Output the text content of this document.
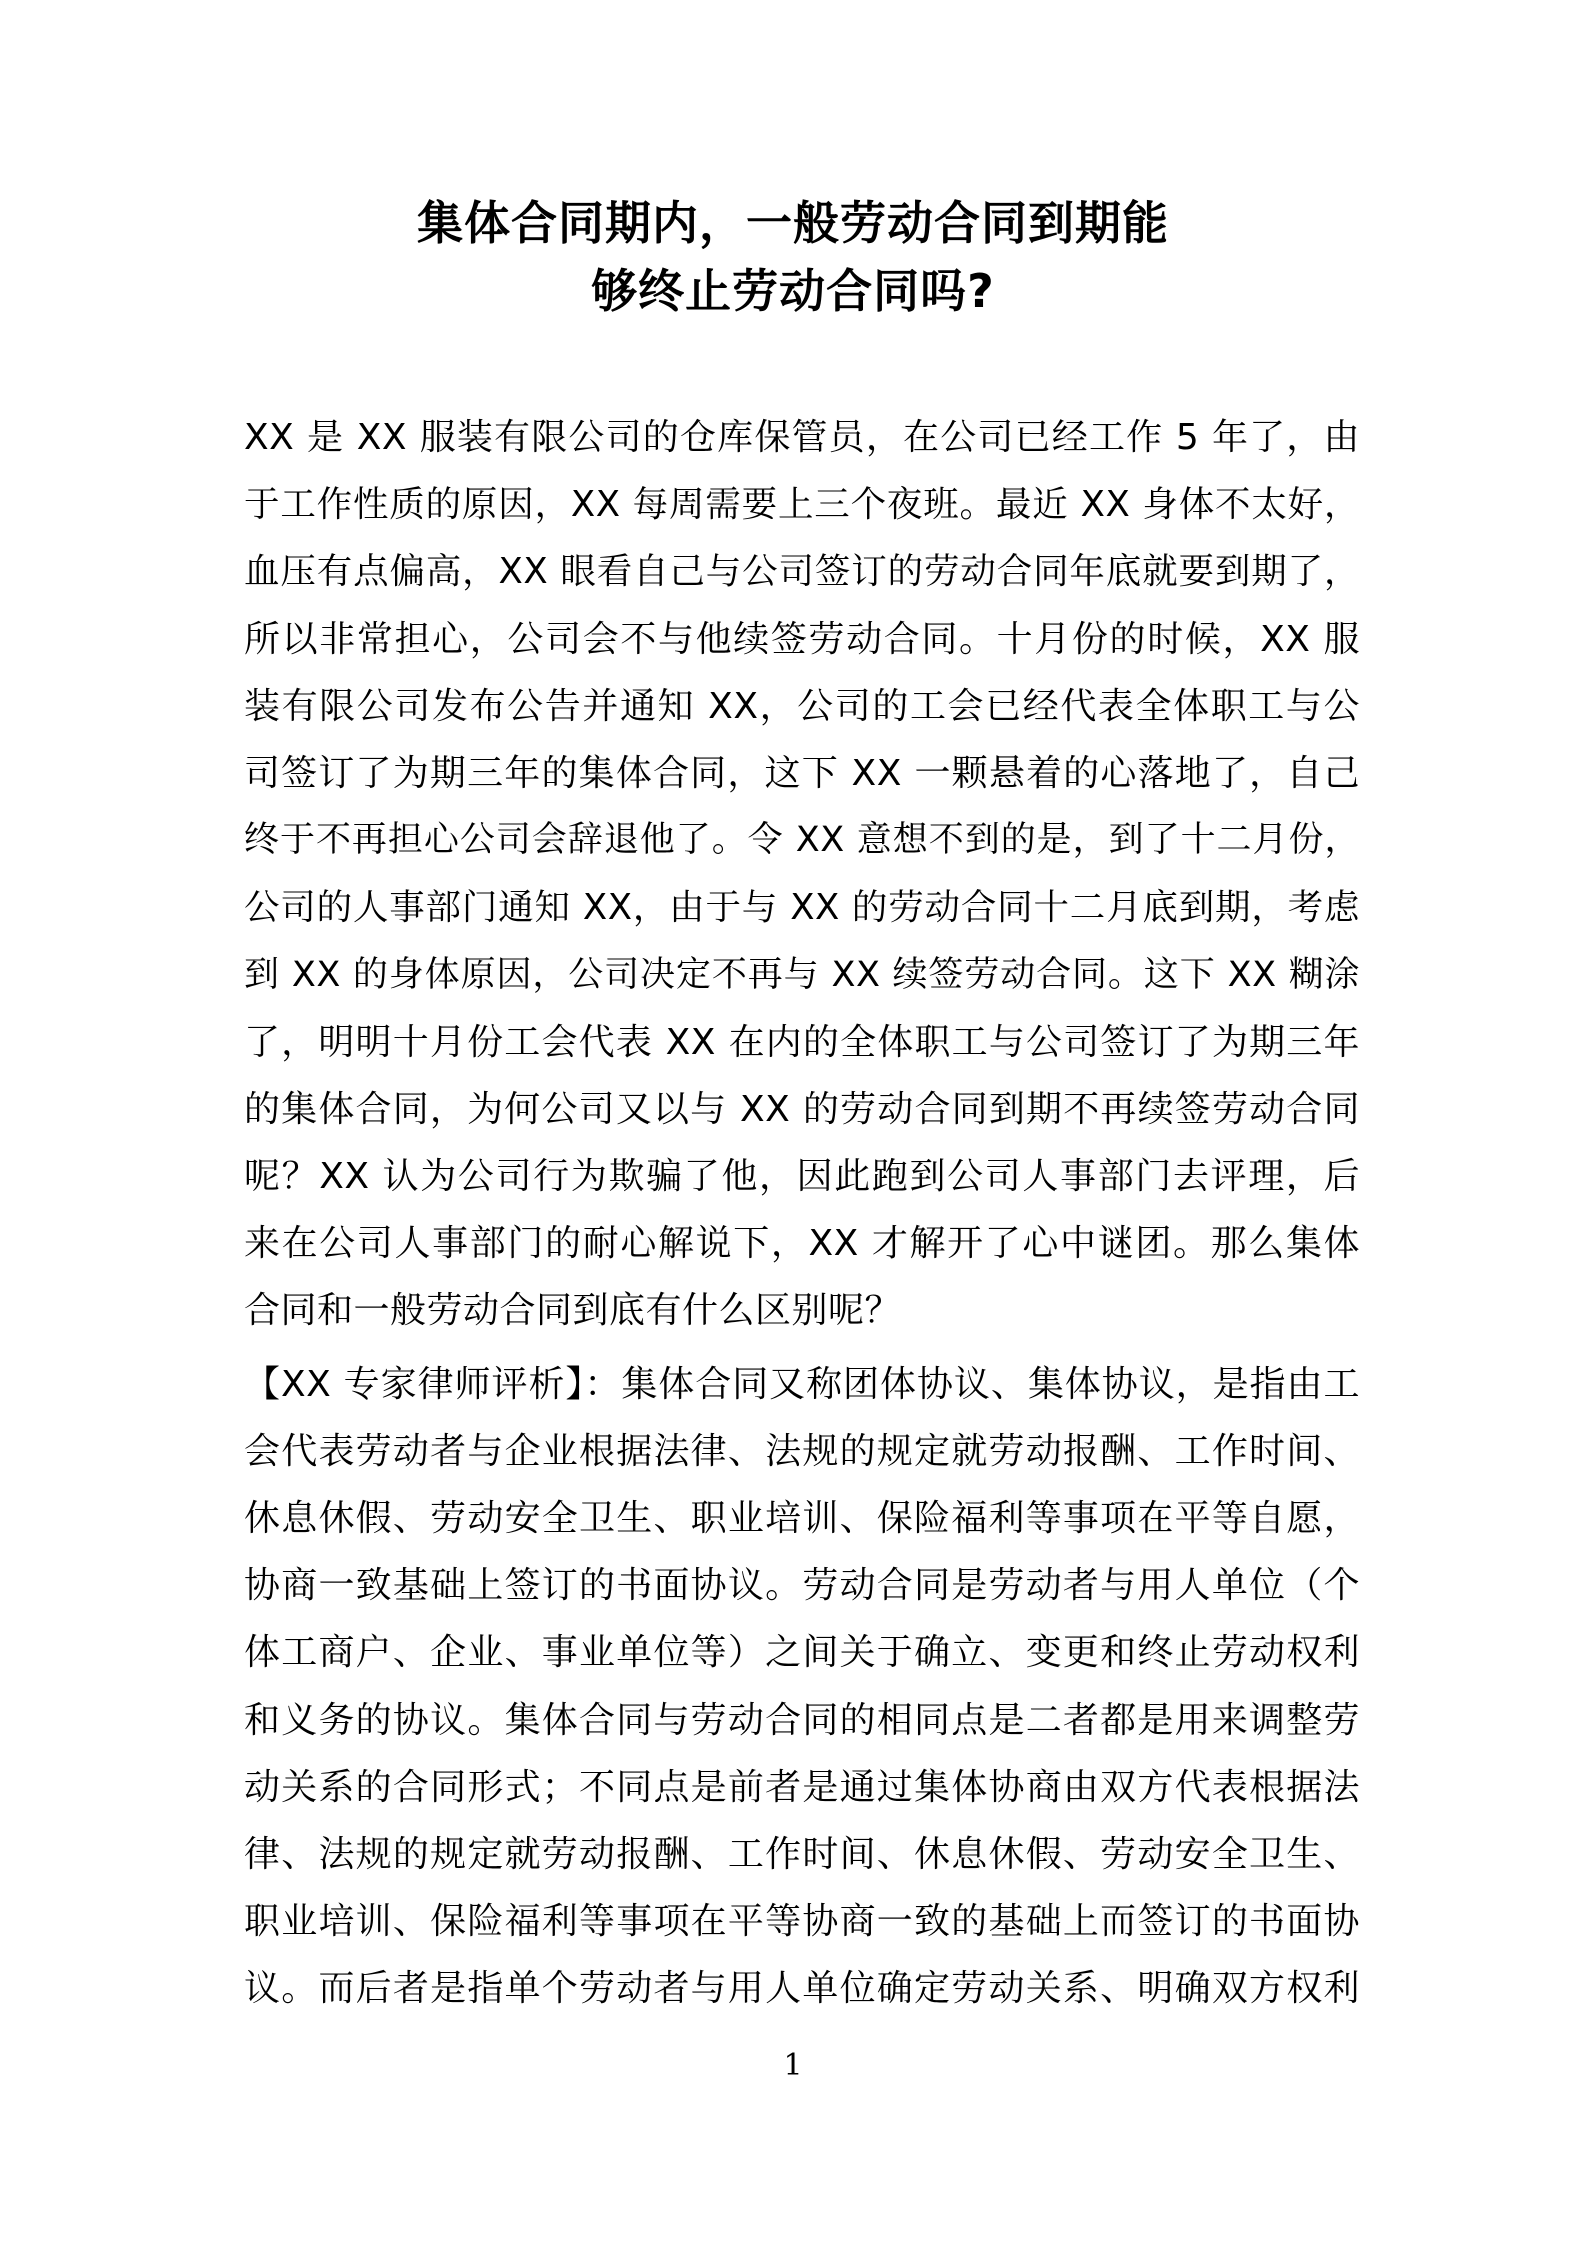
集体合同期内，一般劳动合同到期能
够终止劳动合同吗?
XX 是 XX 服装有限公司的仓库保管员，在公司已经工作 5 年了，由
于工作性质的原因，XX 每周需要上三个夜班。最近 XX 身体不太好，
血压有点偏高，XX 眼看自己与公司签订的劳动合同年底就要到期了，
所以非常担心，公司会不与他续签劳动合同。十月份的时候，XX 服
装有限公司发布公告并通知 XX，公司的工会已经代表全体职工与公
司签订了为期三年的集体合同，这下 XX 一颗悬着的心落地了，自己
终于不再担心公司会辞退他了。令 XX 意想不到的是，到了十二月份，
公司的人事部门通知 XX，由于与 XX 的劳动合同十二月底到期，考虑
到 XX 的身体原因，公司决定不再与 XX 续签劳动合同。这下 XX 糊涂
了，明明十月份工会代表 XX 在内的全体职工与公司签订了为期三年
的集体合同，为何公司又以与 XX 的劳动合同到期不再续签劳动合同
呢？XX 认为公司行为欺骗了他，因此跑到公司人事部门去评理，后
来在公司人事部门的耐心解说下，XX 才解开了心中谜团。那么集体
合同和一般劳动合同到底有什么区别呢？
【XX 专家律师评析】：集体合同又称团体协议、集体协议，是指由工
会代表劳动者与企业根据法律、法规的规定就劳动报酬、工作时间、
休息休假、劳动安全卫生、职业培训、保险福利等事项在平等自愿，
协商一致基础上签订的书面协议。劳动合同是劳动者与用人单位（个
体工商户、企业、事业单位等）之间关于确立、变更和终止劳动权利
和义务的协议。集体合同与劳动合同的相同点是二者都是用来调整劳
动关系的合同形式；不同点是前者是通过集体协商由双方代表根据法
律、法规的规定就劳动报酬、工作时间、休息休假、劳动安全卫生、
职业培训、保险福利等事项在平等协商一致的基础上而签订的书面协
议。而后者是指单个劳动者与用人单位确定劳动关系、明确双方权利
1
